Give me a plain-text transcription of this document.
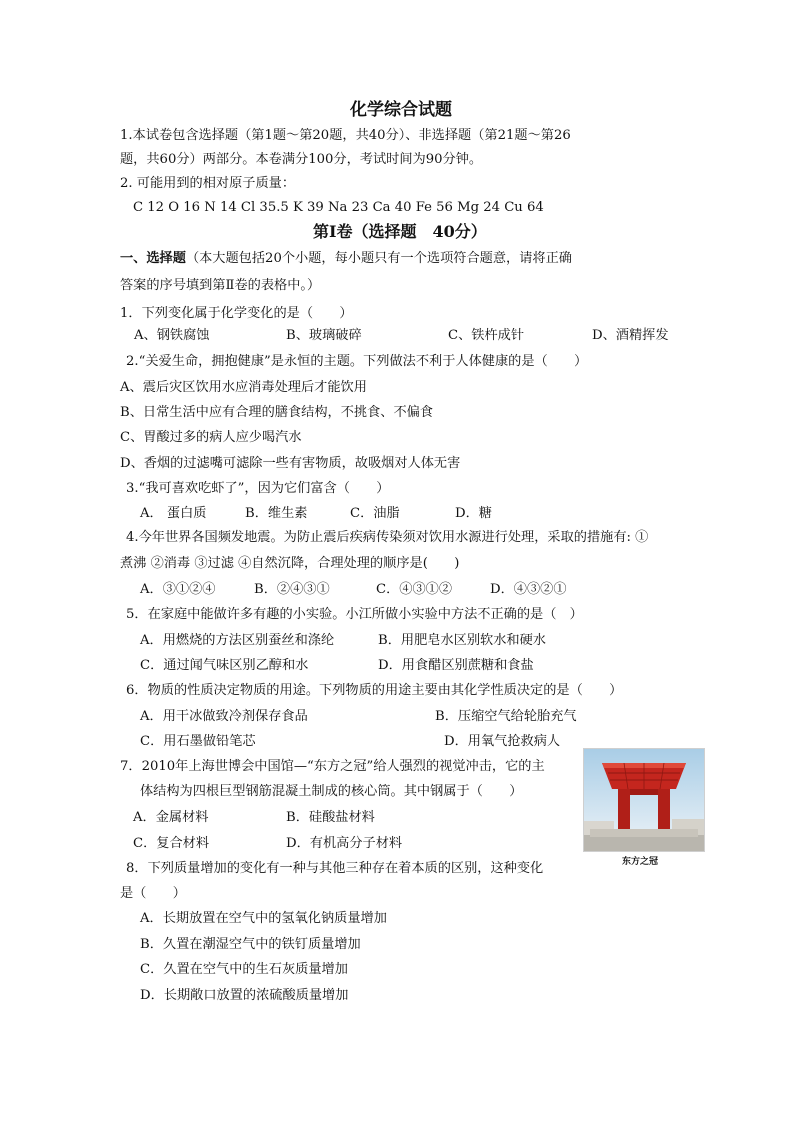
化学综合试题
1.本试卷包含选择题（第1题～第20题，共40分）、非选择题（第21题～第26
题，共60分）两部分。本卷满分100分，考试时间为90分钟。
2. 可能用到的相对原子质量：
C 12 O 16 N 14 Cl 35.5 K 39 Na 23 Ca 40 Fe 56 Mg 24 Cu 64
第Ⅰ卷（选择题　40分）
一、选择题（本大题包括20个小题，每小题只有一个选项符合题意，请将正确
答案的序号填到第Ⅱ卷的表格中。）
1．下列变化属于化学变化的是（　　）
A、钢铁腐蚀	B、玻璃破碎	C、铁杵成针	D、酒精挥发
2.“关爱生命，拥抱健康”是永恒的主题。下列做法不利于人体健康的是（　　）
A、震后灾区饮用水应消毒处理后才能饮用
B、日常生活中应有合理的膳食结构，不挑食、不偏食
C、胃酸过多的病人应少喝汽水
D、香烟的过滤嘴可滤除一些有害物质，故吸烟对人体无害
3.“我可喜欢吃虾了”，因为它们富含（　　）
A． 蛋白质	B．维生素	C．油脂	D．糖
4.今年世界各国频发地震。为防止震后疾病传染须对饮用水源进行处理，采取的措施有: ①
煮沸 ②消毒 ③过滤 ④自然沉降，合理处理的顺序是(　　)
A．③①②④	B．②④③①	C．④③①②	D．④③②①
5．在家庭中能做许多有趣的小实验。小江所做小实验中方法不正确的是（　）
A．用燃烧的方法区别蚕丝和涤纶	B．用肥皂水区别软水和硬水
C．通过闻气味区别乙醇和水	D．用食醋区别蔗糖和食盐
6．物质的性质决定物质的用途。下列物质的用途主要由其化学性质决定的是（　　）
A．用干冰做致冷剂保存食品	B．压缩空气给轮胎充气
C．用石墨做铅笔芯	D．用氧气抢救病人
7．2010年上海世博会中国馆—“东方之冠”给人强烈的视觉冲击，它的主
体结构为四根巨型钢筋混凝土制成的核心筒。其中钢属于（　　）
A．金属材料	B．硅酸盐材料
C．复合材料	D．有机高分子材料
8．下列质量增加的变化有一种与其他三种存在着本质的区别，这种变化
是（　　）
A．长期放置在空气中的氢氧化钠质量增加
B．久置在潮湿空气中的铁钉质量增加
C．久置在空气中的生石灰质量增加
D．长期敞口放置的浓硫酸质量增加
东方之冠
